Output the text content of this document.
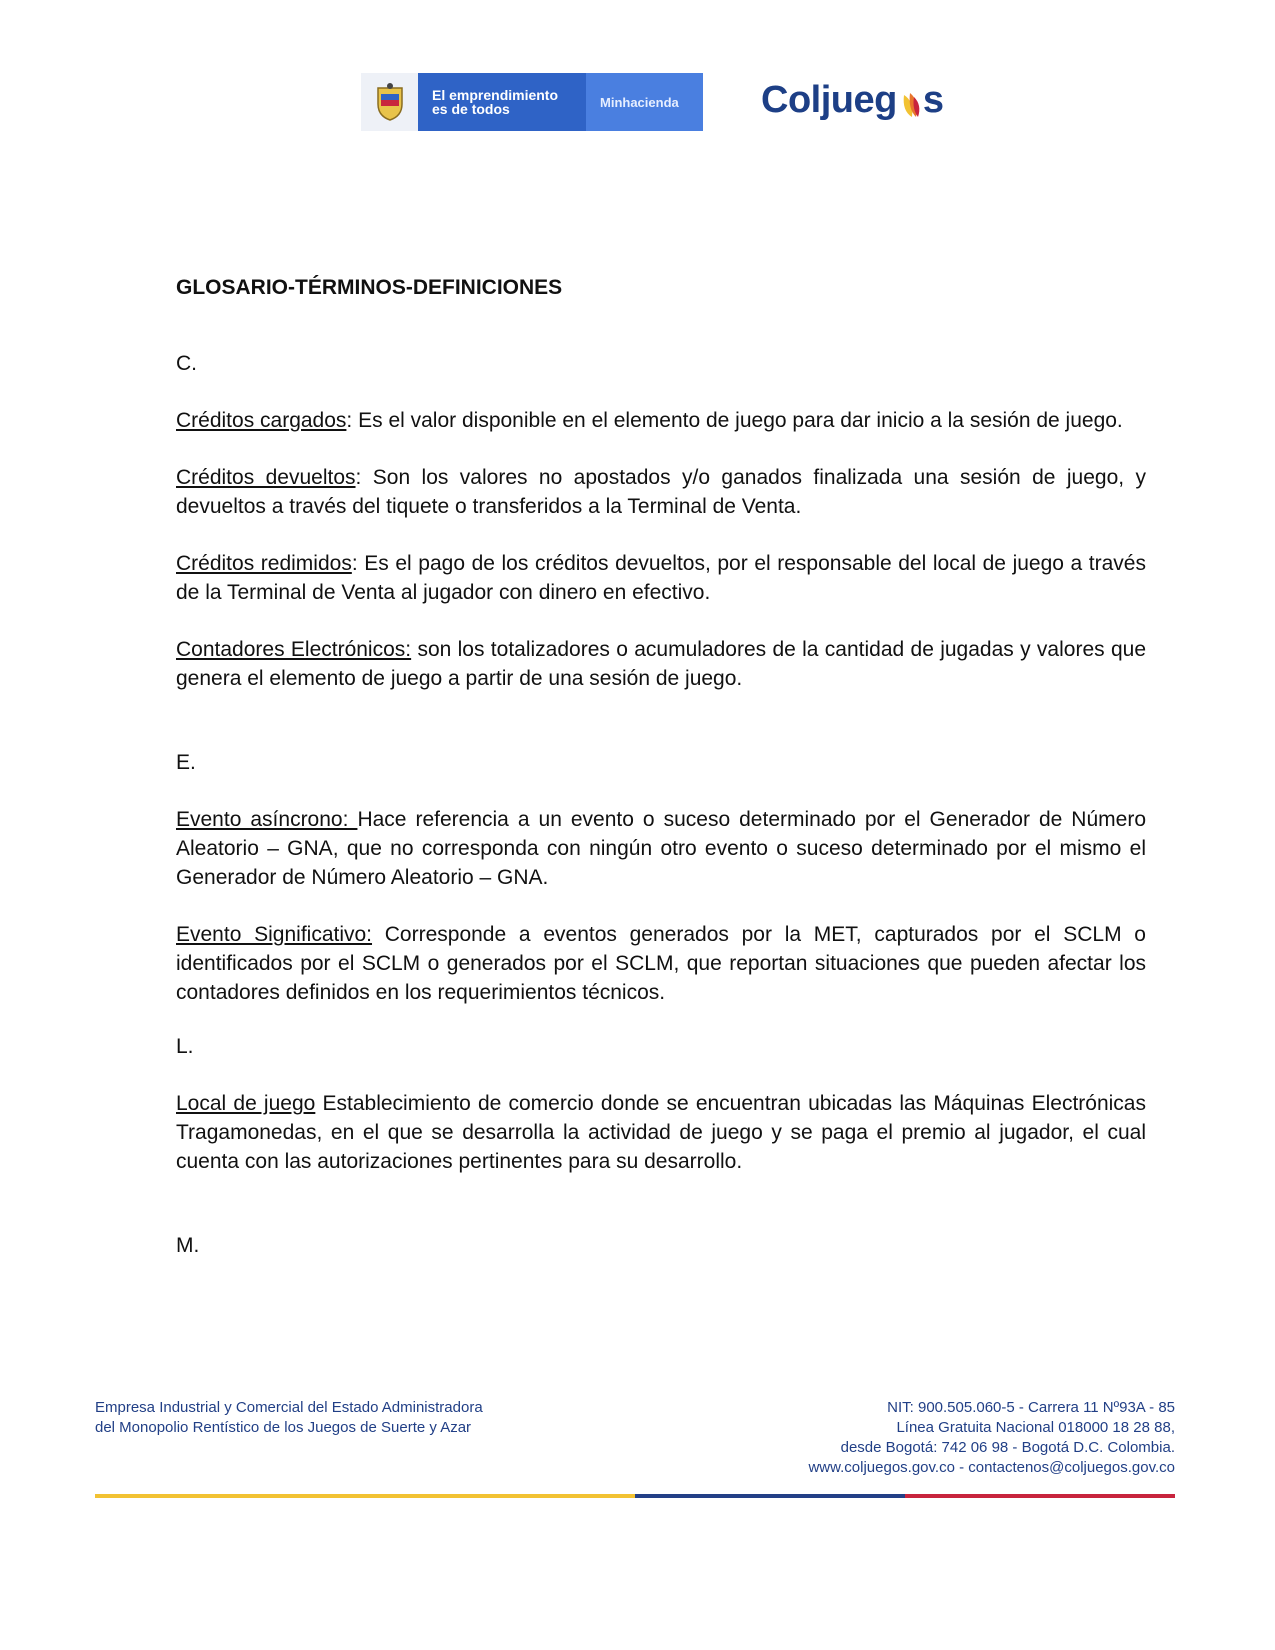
El emprendimiento
es de todos	Minhacienda	Coljueg s

GLOSARIO-TÉRMINOS-DEFINICIONES

C.

Créditos cargados: Es el valor disponible en el elemento de juego para dar inicio a la sesión de juego.

Créditos devueltos: Son los valores no apostados y/o ganados finalizada una sesión de juego, y devueltos a través del tiquete o transferidos a la Terminal de Venta.

Créditos redimidos: Es el pago de los créditos devueltos, por el responsable del local de juego a través de la Terminal de Venta al jugador con dinero en efectivo.

Contadores Electrónicos: son los totalizadores o acumuladores de la cantidad de jugadas y valores que genera el elemento de juego a partir de una sesión de juego.

E.

Evento asíncrono: Hace referencia a un evento o suceso determinado por el Generador de Número Aleatorio – GNA, que no corresponda con ningún otro evento o suceso determinado por el mismo el Generador de Número Aleatorio – GNA.

Evento Significativo: Corresponde a eventos generados por la MET, capturados por el SCLM o identificados por el SCLM o generados por el SCLM, que reportan situaciones que pueden afectar los contadores definidos en los requerimientos técnicos.

L.

Local de juego Establecimiento de comercio donde se encuentran ubicadas las Máquinas Electrónicas Tragamonedas, en el que se desarrolla la actividad de juego y se paga el premio al jugador, el cual cuenta con las autorizaciones pertinentes para su desarrollo.

M.

Empresa Industrial y Comercial del Estado Administradora
del Monopolio Rentístico de los Juegos de Suerte y Azar
NIT: 900.505.060-5 - Carrera 11 Nº93A - 85
Línea Gratuita Nacional 018000 18 28 88,
desde Bogotá: 742 06 98 - Bogotá D.C. Colombia.
www.coljuegos.gov.co - contactenos@coljuegos.gov.co
